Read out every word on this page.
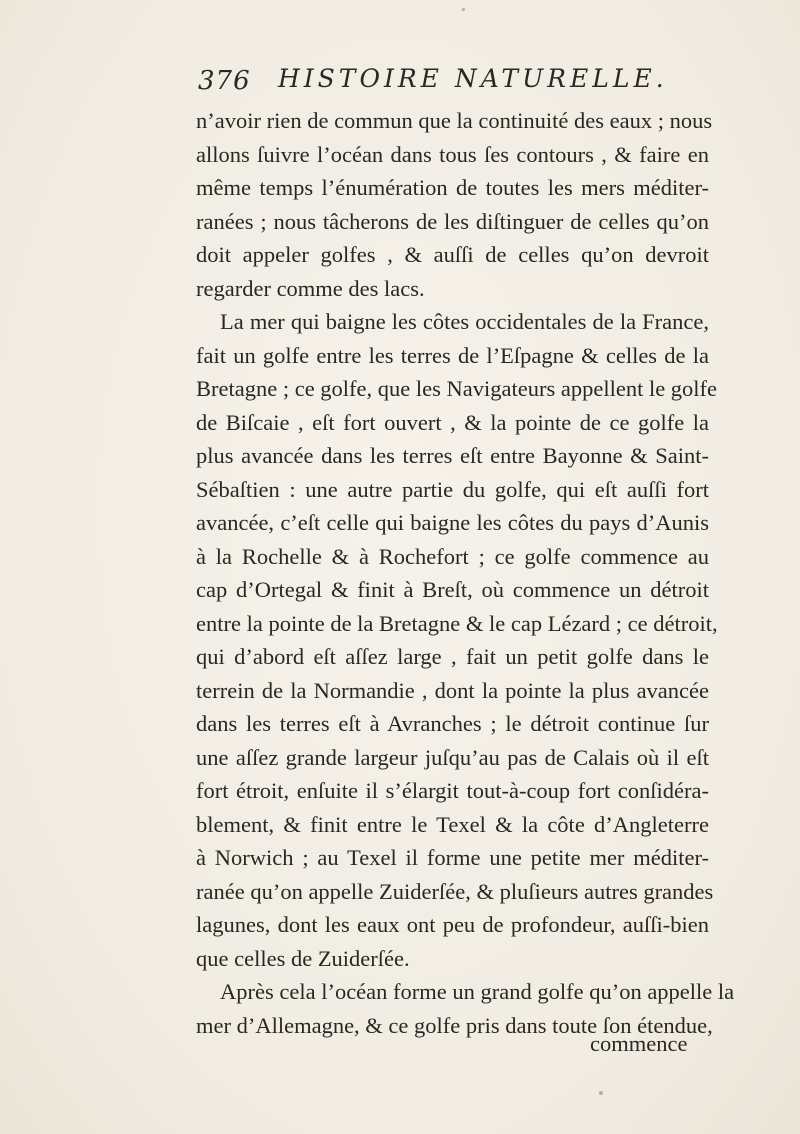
376 HISTOIRE NATURELLE.
n’avoir rien de commun que la continuité des eaux ; nous
allons ſuivre l’océan dans tous ſes contours , & faire en
même temps l’énumération de toutes les mers méditer-
ranées ; nous tâcherons de les diſtinguer de celles qu’on
doit appeler golfes , & auſſi de celles qu’on devroit
regarder comme des lacs.
La mer qui baigne les côtes occidentales de la France,
fait un golfe entre les terres de l’Eſpagne & celles de la
Bretagne ; ce golfe, que les Navigateurs appellent le golfe
de Biſcaie , eſt fort ouvert , & la pointe de ce golfe la
plus avancée dans les terres eſt entre Bayonne & Saint-
Sébaſtien : une autre partie du golfe, qui eſt auſſi fort
avancée, c’eſt celle qui baigne les côtes du pays d’Aunis
à la Rochelle & à Rochefort ; ce golfe commence au
cap d’Ortegal & finit à Breſt, où commence un détroit
entre la pointe de la Bretagne & le cap Lézard ; ce détroit,
qui d’abord eſt aſſez large , fait un petit golfe dans le
terrein de la Normandie , dont la pointe la plus avancée
dans les terres eſt à Avranches ; le détroit continue ſur
une aſſez grande largeur juſqu’au pas de Calais où il eſt
fort étroit, enſuite il s’élargit tout-à-coup fort conſidéra-
blement, & finit entre le Texel & la côte d’Angleterre
à Norwich ; au Texel il forme une petite mer méditer-
ranée qu’on appelle Zuiderſée, & pluſieurs autres grandes
lagunes, dont les eaux ont peu de profondeur, auſſi-bien
que celles de Zuiderſée.
Après cela l’océan forme un grand golfe qu’on appelle la
mer d’Allemagne, & ce golfe pris dans toute ſon étendue,
commence
